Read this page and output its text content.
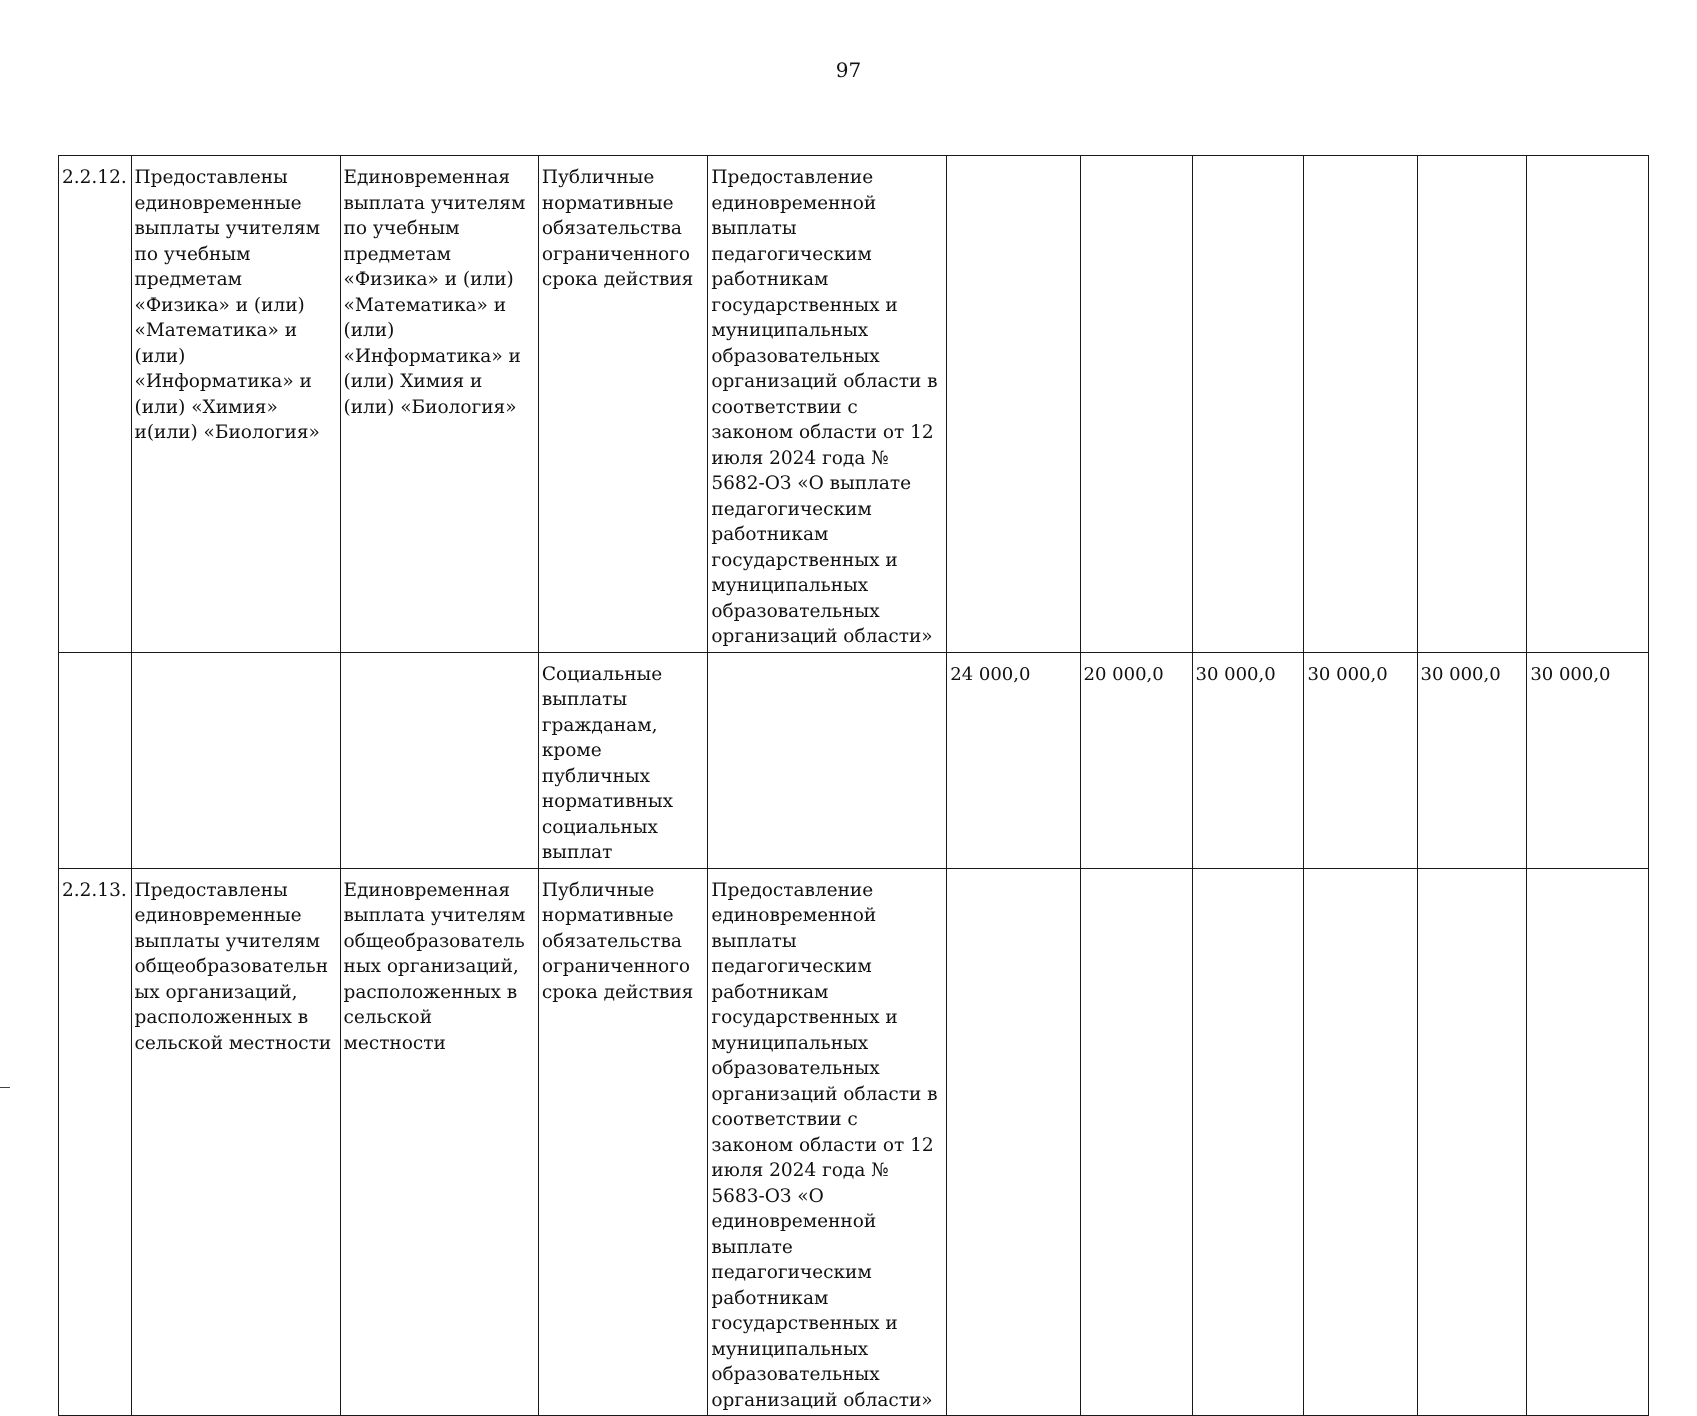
97
2.2.12.	Предоставлены единовременные выплаты учителям по учебным предметам «Физика» и (или) «Математика» и (или) «Информатика» и (или) «Химия» и(или) «Биология»	Единовременная выплата учителям по учебным предметам «Физика» и (или) «Математика» и (или) «Информатика» и (или) Химия и (или) «Биология»	Публичные нормативные обязательства ограниченного срока действия	Предоставление единовременной выплаты педагогическим работникам государственных и муниципальных образовательных организаций области в соответствии с законом области от 12 июля 2024 года № 5682-ОЗ «О выплате педагогическим работникам государственных и муниципальных образовательных организаций области»						
			Социальные выплаты гражданам, кроме публичных нормативных социальных выплат		24 000,0	20 000,0	30 000,0	30 000,0	30 000,0	30 000,0
2.2.13.	Предоставлены единовременные выплаты учителям общеобразовательных организаций, расположенных в сельской местности	Единовременная выплата учителям общеобразовательных организаций, расположенных в сельской местности	Публичные нормативные обязательства ограниченного срока действия	Предоставление единовременной выплаты педагогическим работникам государственных и муниципальных образовательных организаций области в соответствии с законом области от 12 июля 2024 года № 5683-ОЗ «О единовременной выплате педагогическим работникам государственных и муниципальных образовательных организаций области»						
